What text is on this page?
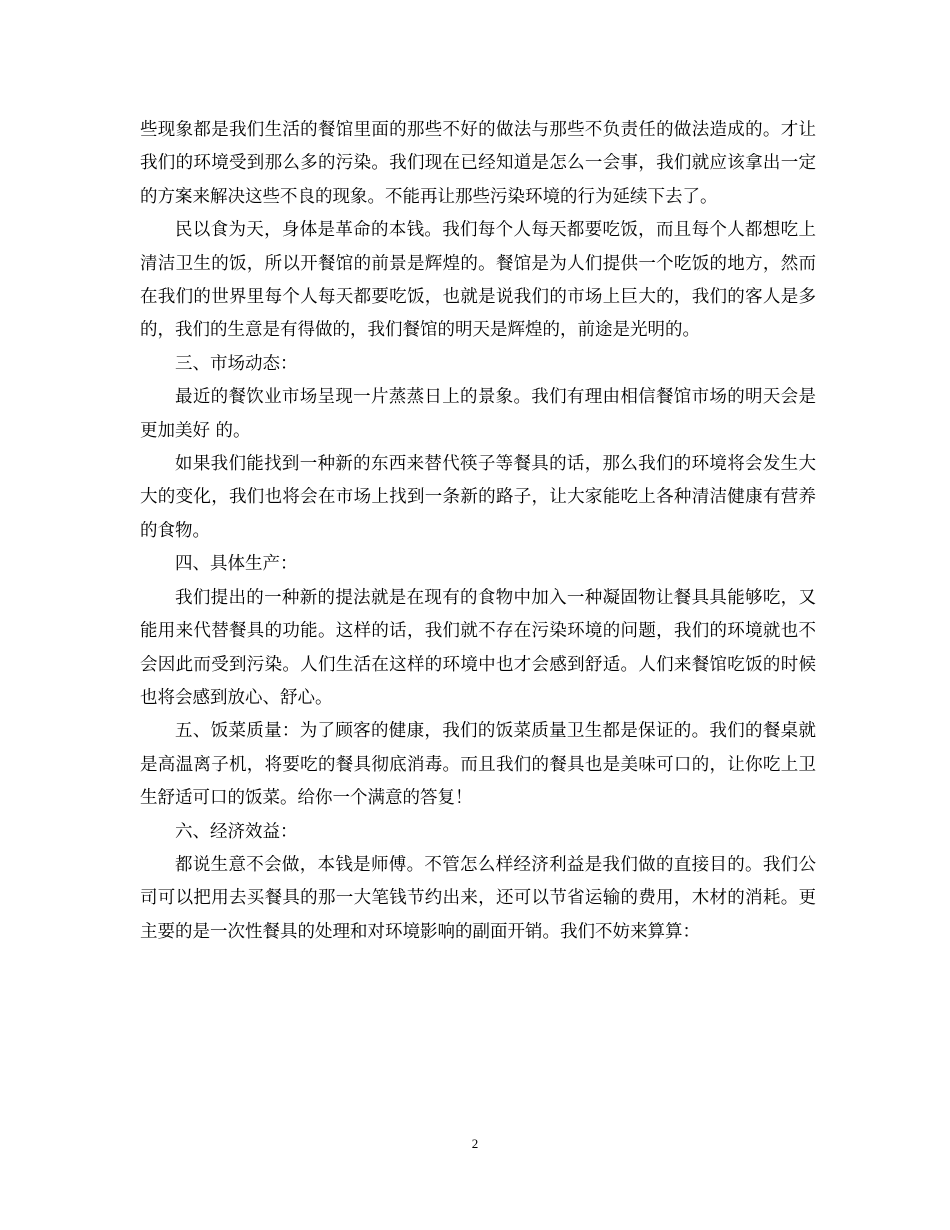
些现象都是我们生活的餐馆里面的那些不好的做法与那些不负责任的做法造成的。才让我们的环境受到那么多的污染。我们现在已经知道是怎么一会事，我们就应该拿出一定的方案来解决这些不良的现象。不能再让那些污染环境的行为延续下去了。

民以食为天，身体是革命的本钱。我们每个人每天都要吃饭，而且每个人都想吃上清洁卫生的饭，所以开餐馆的前景是辉煌的。餐馆是为人们提供一个吃饭的地方，然而在我们的世界里每个人每天都要吃饭，也就是说我们的市场上巨大的，我们的客人是多的，我们的生意是有得做的，我们餐馆的明天是辉煌的，前途是光明的。

三、市场动态：

最近的餐饮业市场呈现一片蒸蒸日上的景象。我们有理由相信餐馆市场的明天会是更加美好 的。

如果我们能找到一种新的东西来替代筷子等餐具的话，那么我们的环境将会发生大大的变化，我们也将会在市场上找到一条新的路子，让大家能吃上各种清洁健康有营养的食物。

四、具体生产：

我们提出的一种新的提法就是在现有的食物中加入一种凝固物让餐具具能够吃，又能用来代替餐具的功能。这样的话，我们就不存在污染环境的问题，我们的环境就也不会因此而受到污染。人们生活在这样的环境中也才会感到舒适。人们来餐馆吃饭的时候也将会感到放心、舒心。

五、饭菜质量：为了顾客的健康，我们的饭菜质量卫生都是保证的。我们的餐桌就是高温离子机，将要吃的餐具彻底消毒。而且我们的餐具也是美味可口的，让你吃上卫生舒适可口的饭菜。给你一个满意的答复！

六、经济效益：

都说生意不会做，本钱是师傅。不管怎么样经济利益是我们做的直接目的。我们公司可以把用去买餐具的那一大笔钱节约出来，还可以节省运输的费用，木材的消耗。更主要的是一次性餐具的处理和对环境影响的副面开销。我们不妨来算算：

2
